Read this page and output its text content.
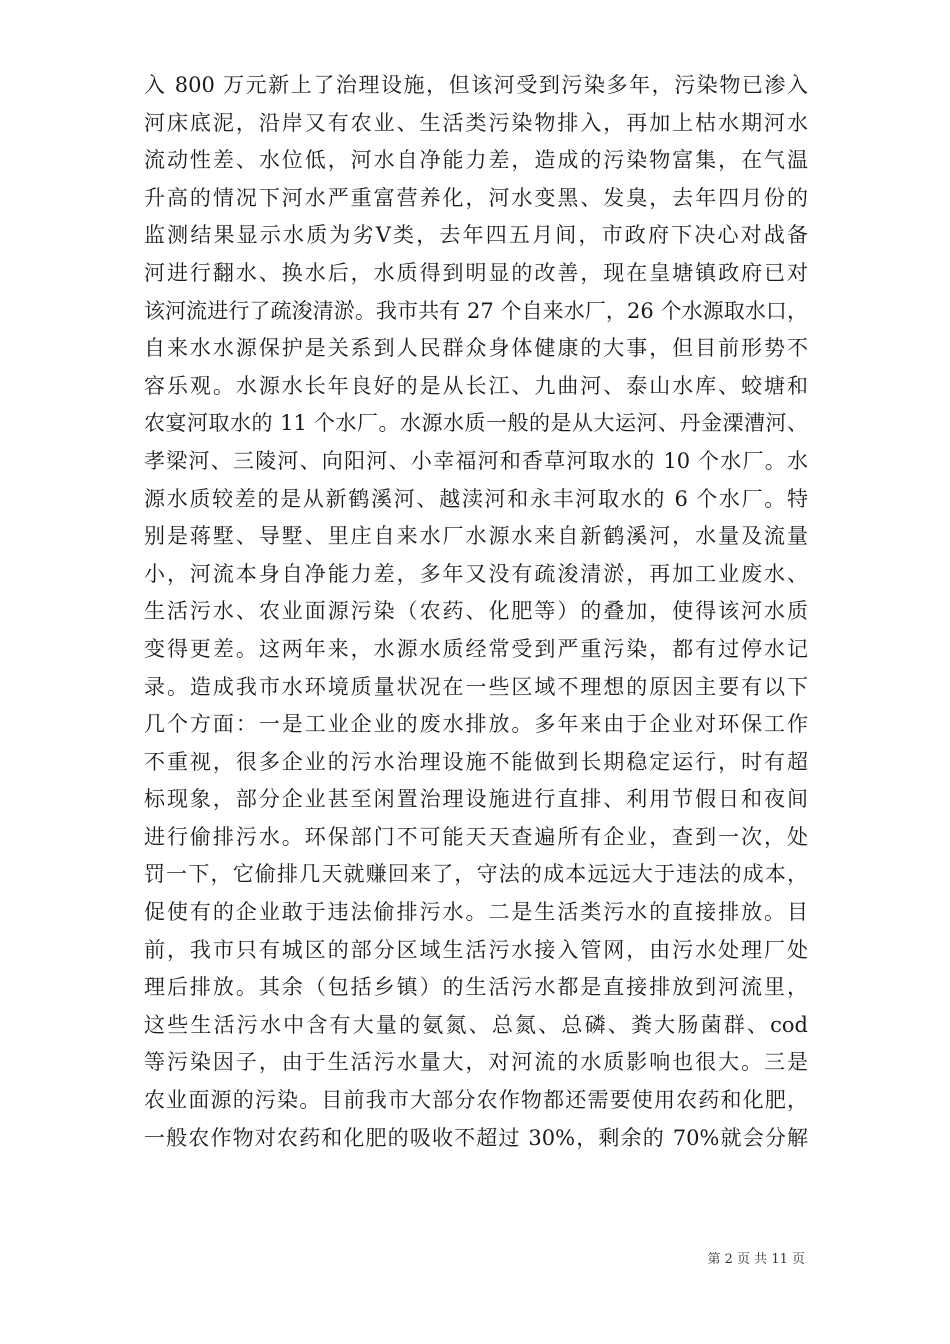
入 800 万元新上了治理设施，但该河受到污染多年，污染物已渗入
河床底泥，沿岸又有农业、生活类污染物排入，再加上枯水期河水
流动性差、水位低，河水自净能力差，造成的污染物富集，在气温
升高的情况下河水严重富营养化，河水变黑、发臭，去年四月份的
监测结果显示水质为劣Ⅴ类，去年四五月间，市政府下决心对战备
河进行翻水、换水后，水质得到明显的改善，现在皇塘镇政府已对
该河流进行了疏浚清淤。我市共有 27 个自来水厂，26 个水源取水口，
自来水水源保护是关系到人民群众身体健康的大事，但目前形势不
容乐观。水源水长年良好的是从长江、九曲河、泰山水库、蛟塘和
农宴河取水的 11 个水厂。水源水质一般的是从大运河、丹金溧漕河、
孝梁河、三陵河、向阳河、小幸福河和香草河取水的 10 个水厂。水
源水质较差的是从新鹤溪河、越渎河和永丰河取水的 6 个水厂。特
别是蒋墅、导墅、里庄自来水厂水源水来自新鹤溪河，水量及流量
小，河流本身自净能力差，多年又没有疏浚清淤，再加工业废水、
生活污水、农业面源污染（农药、化肥等）的叠加，使得该河水质
变得更差。这两年来，水源水质经常受到严重污染，都有过停水记
录。造成我市水环境质量状况在一些区域不理想的原因主要有以下
几个方面：一是工业企业的废水排放。多年来由于企业对环保工作
不重视，很多企业的污水治理设施不能做到长期稳定运行，时有超
标现象，部分企业甚至闲置治理设施进行直排、利用节假日和夜间
进行偷排污水。环保部门不可能天天查遍所有企业，查到一次，处
罚一下，它偷排几天就赚回来了，守法的成本远远大于违法的成本，
促使有的企业敢于违法偷排污水。二是生活类污水的直接排放。目
前，我市只有城区的部分区域生活污水接入管网，由污水处理厂处
理后排放。其余（包括乡镇）的生活污水都是直接排放到河流里，
这些生活污水中含有大量的氨氮、总氮、总磷、粪大肠菌群、cod
等污染因子，由于生活污水量大，对河流的水质影响也很大。三是
农业面源的污染。目前我市大部分农作物都还需要使用农药和化肥，
一般农作物对农药和化肥的吸收不超过 30%，剩余的 70%就会分解
第 2 页 共 11 页
